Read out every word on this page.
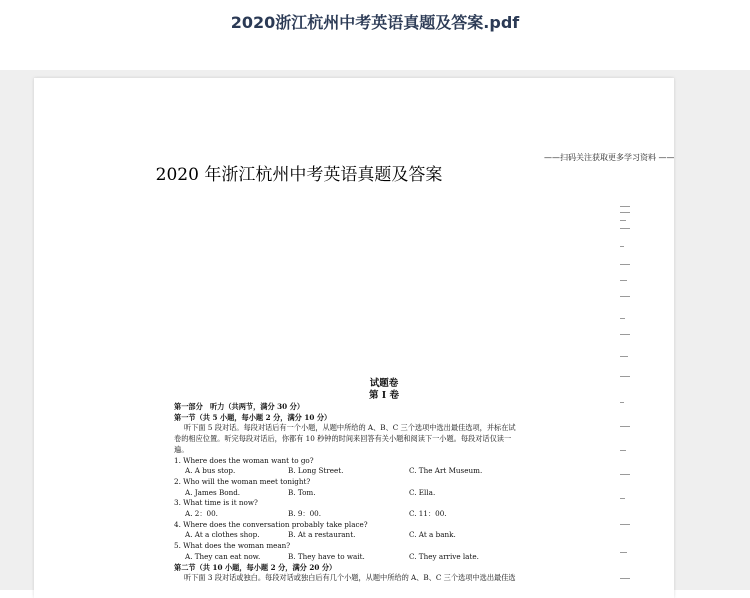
2020浙江杭州中考英语真题及答案.pdf
—— 扫码关注获取更多学习资料 ——
2020 年浙江杭州中考英语真题及答案

试题卷

第 I 卷

第一部分　听力（共两节，满分 30 分）

第一节（共 5 小题，每小题 2 分，满分 10 分）

听下面 5 段对话。每段对话后有一个小题，从题中所给的 A、B、C 三个选项中选出最佳选项，并标在试

卷的相应位置。听完每段对话后，你都有 10 秒钟的时间来回答有关小题和阅读下一小题。每段对话仅读一

遍。

1. Where does the woman want to go?

A. A bus stop.	B. Long Street.	C. The Art Museum.

2. Who will the woman meet tonight?

A. James Bond.	B. Tom.	C. Ella.

3. What time is it now?

A. 2：00.	B. 9：00.	C. 11：00.

4. Where does the conversation probably take place?

A. At a clothes shop.	B. At a restaurant.	C. At a bank.

5. What does the woman mean?

A. They can eat now.	B. They have to wait.	C. They arrive late.

第二节（共 10 小题，每小题 2 分，满分 20 分）

听下面 3 段对话或独白。每段对话或独白后有几个小题，从题中所给的 A、B、C 三个选项中选出最佳选
